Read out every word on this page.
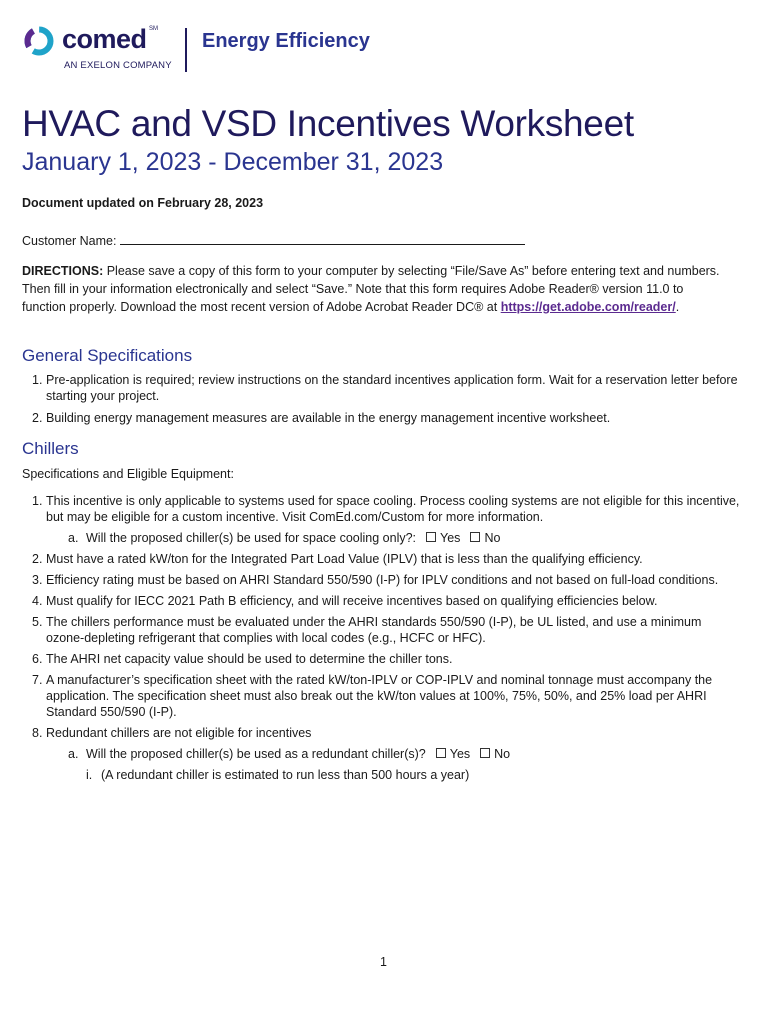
comed SM
AN EXELON COMPANY
Energy Efficiency
HVAC and VSD Incentives Worksheet
January 1, 2023 - December 31, 2023
Document updated on February 28, 2023
Customer Name:

DIRECTIONS: Please save a copy of this form to your computer by selecting “File/Save As” before entering text and numbers. Then fill in your information electronically and select “Save.” Note that this form requires Adobe Reader® version 11.0 to function properly. Download the most recent version of Adobe Acrobat Reader DC® at https://get.adobe.com/reader/.

General Specifications
1. Pre-application is required; review instructions on the standard incentives application form. Wait for a reservation letter before starting your project.
2. Building energy management measures are available in the energy management incentive worksheet.
Chillers
Specifications and Eligible Equipment:
1. This incentive is only applicable to systems used for space cooling. Process cooling systems are not eligible for this incentive, but may be eligible for a custom incentive. Visit ComEd.com/Custom for more information.
a. Will the proposed chiller(s) be used for space cooling only?: Yes No
2. Must have a rated kW/ton for the Integrated Part Load Value (IPLV) that is less than the qualifying efficiency.
3. Efficiency rating must be based on AHRI Standard 550/590 (I-P) for IPLV conditions and not based on full-load conditions.
4. Must qualify for IECC 2021 Path B efficiency, and will receive incentives based on qualifying efficiencies below.
5. The chillers performance must be evaluated under the AHRI standards 550/590 (I-P), be UL listed, and use a minimum ozone-depleting refrigerant that complies with local codes (e.g., HCFC or HFC).
6. The AHRI net capacity value should be used to determine the chiller tons.
7. A manufacturer’s specification sheet with the rated kW/ton-IPLV or COP-IPLV and nominal tonnage must accompany the application. The specification sheet must also break out the kW/ton values at 100%, 75%, 50%, and 25% load per AHRI Standard 550/590 (I-P).
8. Redundant chillers are not eligible for incentives
a. Will the proposed chiller(s) be used as a redundant chiller(s)? Yes No
i. (A redundant chiller is estimated to run less than 500 hours a year)
1
